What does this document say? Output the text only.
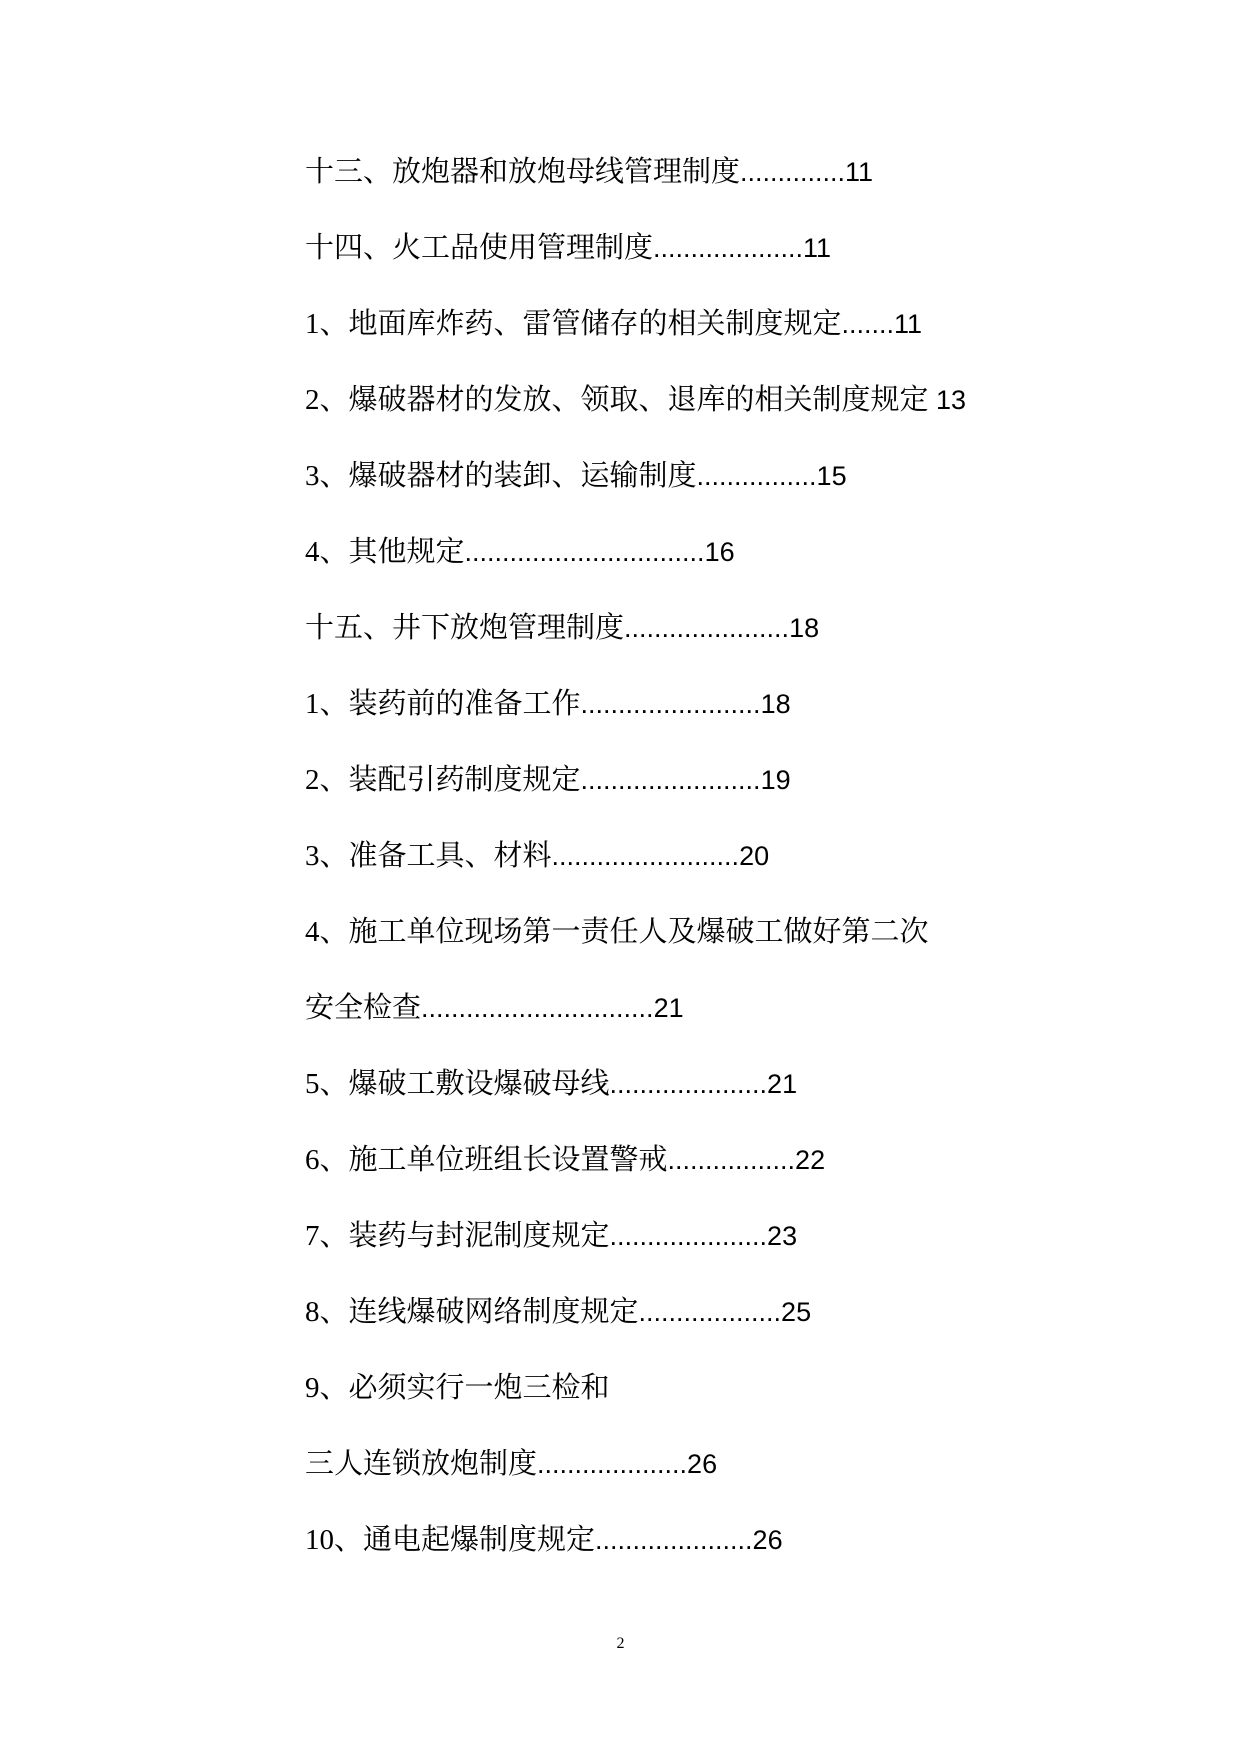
十三、放炮器和放炮母线管理制度..............11
十四、火工品使用管理制度....................11
1、地面库炸药、雷管储存的相关制度规定.......11
2、爆破器材的发放、领取、退库的相关制度规定 13
3、爆破器材的装卸、运输制度................15
4、其他规定................................16
十五、井下放炮管理制度......................18
1、装药前的准备工作........................18
2、装配引药制度规定........................19
3、准备工具、材料.........................20
4、施工单位现场第一责任人及爆破工做好第二次
安全检查...............................21
5、爆破工敷设爆破母线.....................21
6、施工单位班组长设置警戒.................22
7、装药与封泥制度规定.....................23
8、连线爆破网络制度规定...................25
9、必须实行一炮三检和
三人连锁放炮制度....................26
10、通电起爆制度规定.....................26
2
